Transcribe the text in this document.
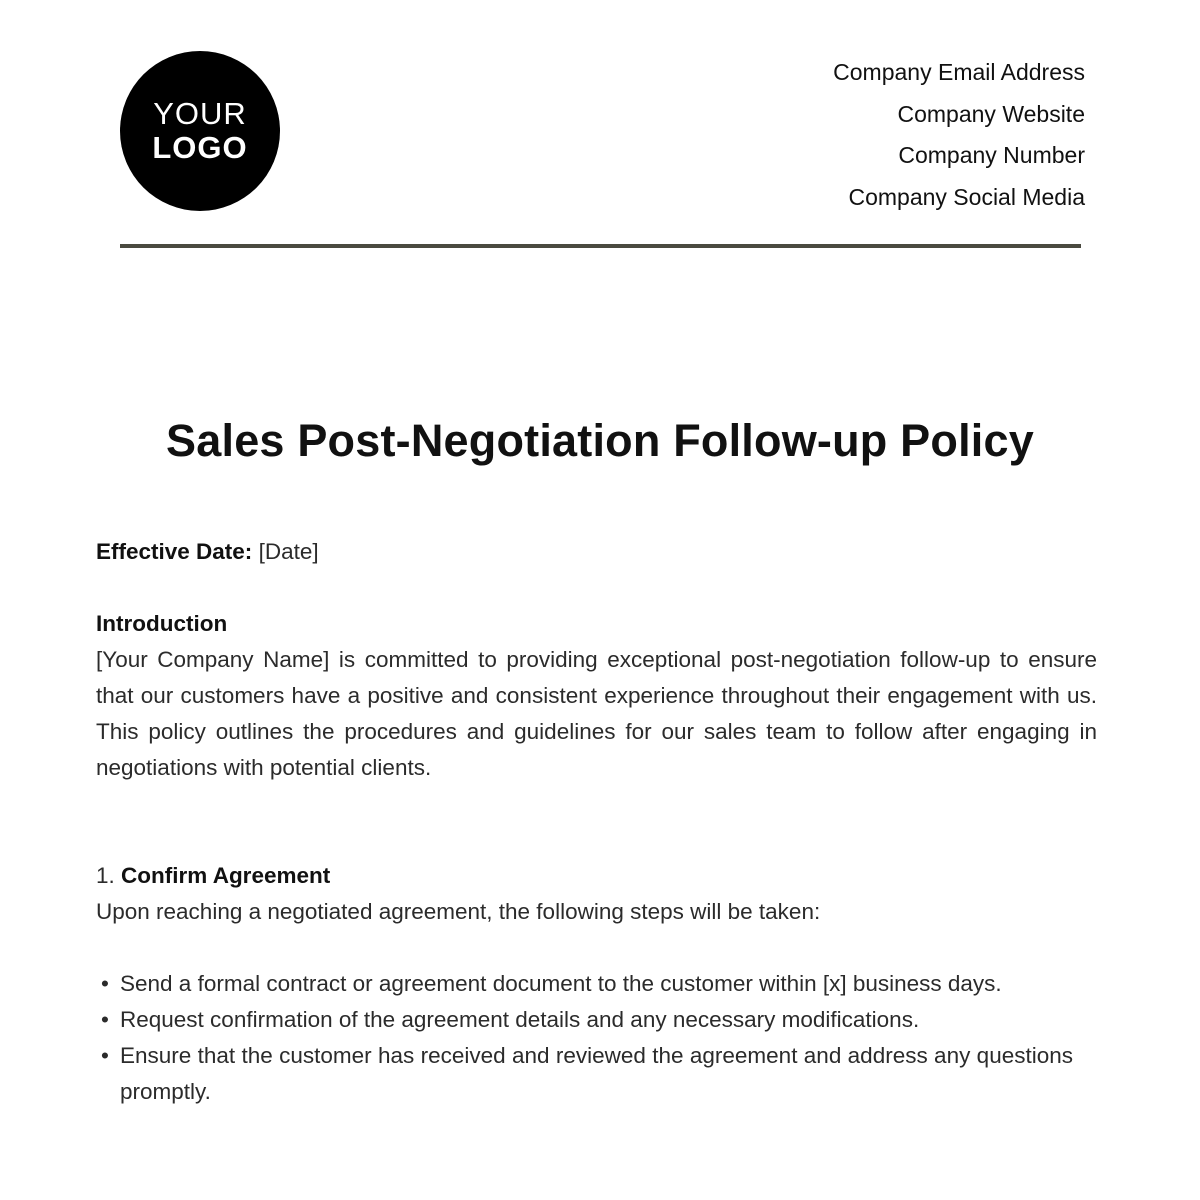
YOUR
LOGO
Company Email Address
Company Website
Company Number
Company Social Media
Sales Post-Negotiation Follow-up Policy

Effective Date: [Date]

Introduction

[Your Company Name] is committed to providing exceptional post-negotiation follow-up to ensure that our customers have a positive and consistent experience throughout their engagement with us. This policy outlines the procedures and guidelines for our sales team to follow after engaging in negotiations with potential clients.

1. Confirm Agreement

Upon reaching a negotiated agreement, the following steps will be taken:

• Send a formal contract or agreement document to the customer within [x] business days.
• Request confirmation of the agreement details and any necessary modifications.
• Ensure that the customer has received and reviewed the agreement and address any questions promptly.
